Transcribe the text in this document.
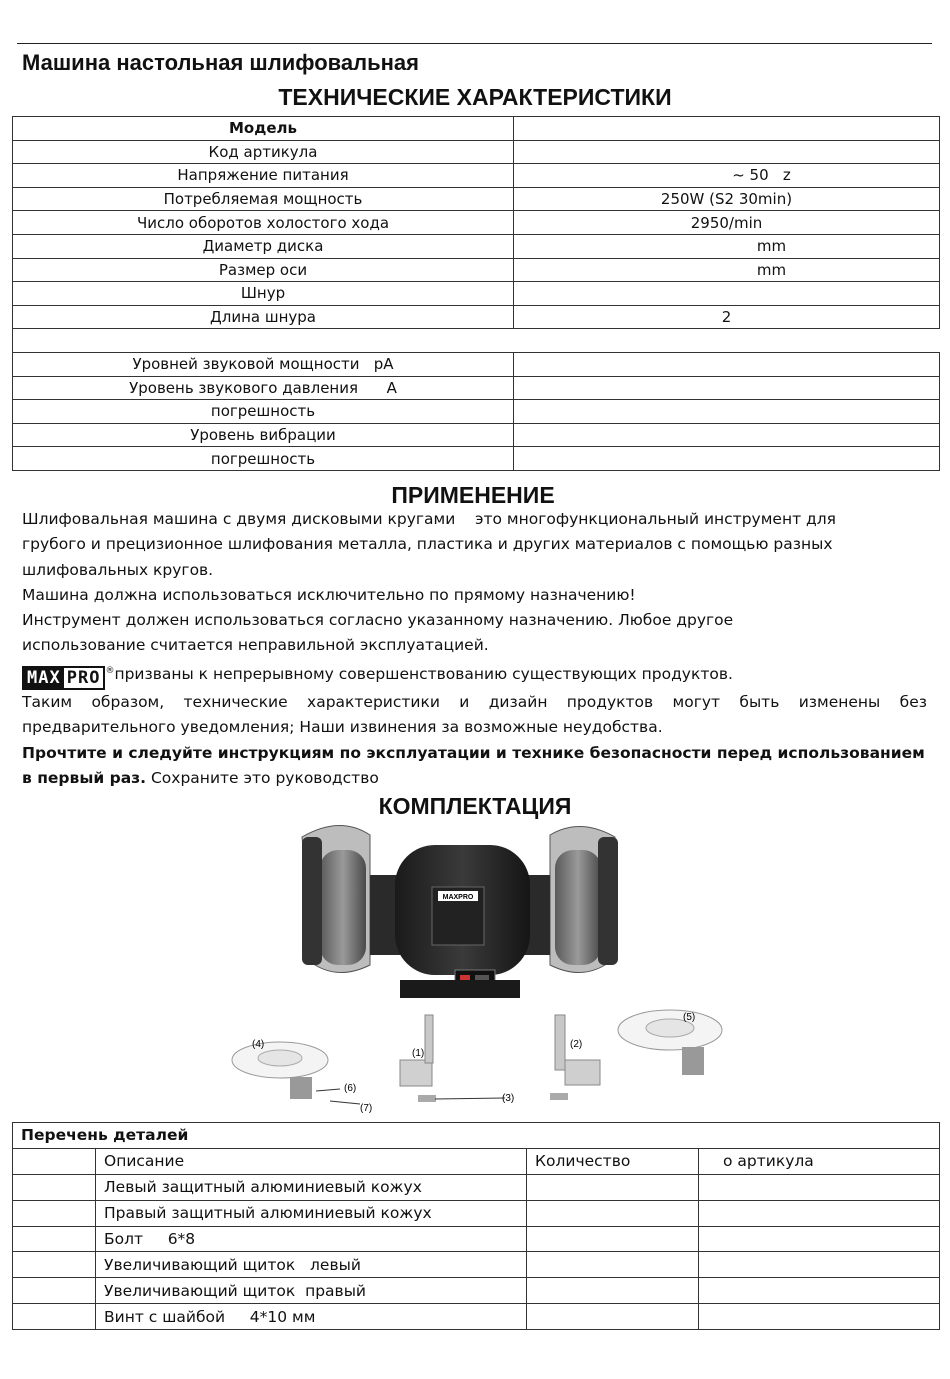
Машина настольная шлифовальная
ТЕХНИЧЕСКИЕ ХАРАКТЕРИСТИКИ
Модель	
Код артикула	
Напряжение питания	~ 50   z
Потребляемая мощность	250W (S2 30min)
Число оборотов холостого хода	2950/min
Диаметр диска	mm
Размер оси	mm
Шнур	
Длина шнура	2

Уровней звуковой мощности   pA	
Уровень звукового давления      A	
погрешность	
Уровень вибрации	
погрешность	
ПРИМЕНЕНИЕ
Шлифовальная машина с двумя дисковыми кругами    это многофункциональный инструмент для
грубого и прецизионное шлифования металла, пластика и других материалов с помощью разных
шлифовальных кругов.
Машина должна использоваться исключительно по прямому назначению!
Инструмент должен использоваться согласно указанному назначению. Любое другое
использование считается неправильной эксплуатацией.
MAX PRO ®призваны к непрерывному совершенствованию существующих продуктов.
Таким образом, технические характеристики и дизайн продуктов могут быть изменены без
предварительного уведомления; Наши извинения за возможные неудобства.
Прочтите и следуйте инструкциям по эксплуатации и технике безопасности перед использованием
в первый раз. Сохраните это руководство
КОМПЛЕКТАЦИЯ
MAXPRO
(1)
(2)
(3)
(4)
(5)
(6)
(7)
Перечень деталей			
	Описание	Количество	о артикула
	Левый защитный алюминиевый кожух		
	Правый защитный алюминиевый кожух		
	Болт     6*8		
	Увеличивающий щиток   левый		
	Увеличивающий щиток  правый		
	Винт с шайбой     4*10 мм		
